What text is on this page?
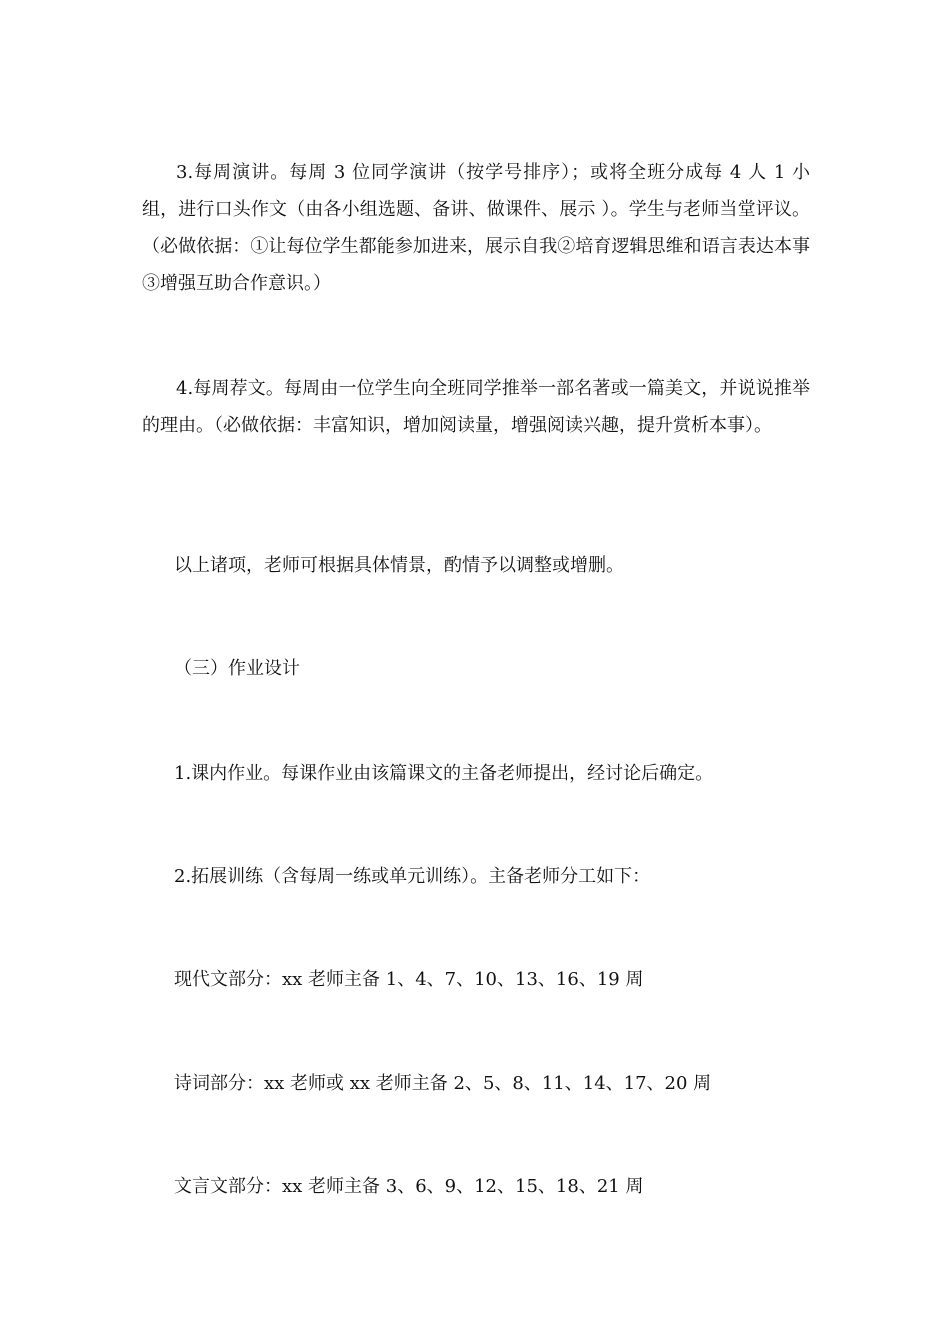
3.每周演讲。每周 3 位同学演讲（按学号排序）；或将全班分成每 4 人 1 小组，进行口头作文（由各小组选题、备讲、做课件、展示 ）。学生与老师当堂评议。（必做依据：①让每位学生都能参加进来，展示自我②培育逻辑思维和语言表达本事③增强互助合作意识。）

4.每周荐文。每周由一位学生向全班同学推举一部名著或一篇美文，并说说推举的理由。（必做依据：丰富知识，增加阅读量，增强阅读兴趣，提升赏析本事）。

以上诸项，老师可根据具体情景，酌情予以调整或增删。

（三）作业设计

1.课内作业。每课作业由该篇课文的主备老师提出，经讨论后确定。

2.拓展训练（含每周一练或单元训练）。主备老师分工如下：

现代文部分：xx 老师主备 1、4、7、10、13、16、19 周

诗词部分：xx 老师或 xx 老师主备 2、5、8、11、14、17、20 周

文言文部分：xx 老师主备 3、6、9、12、15、18、21 周
